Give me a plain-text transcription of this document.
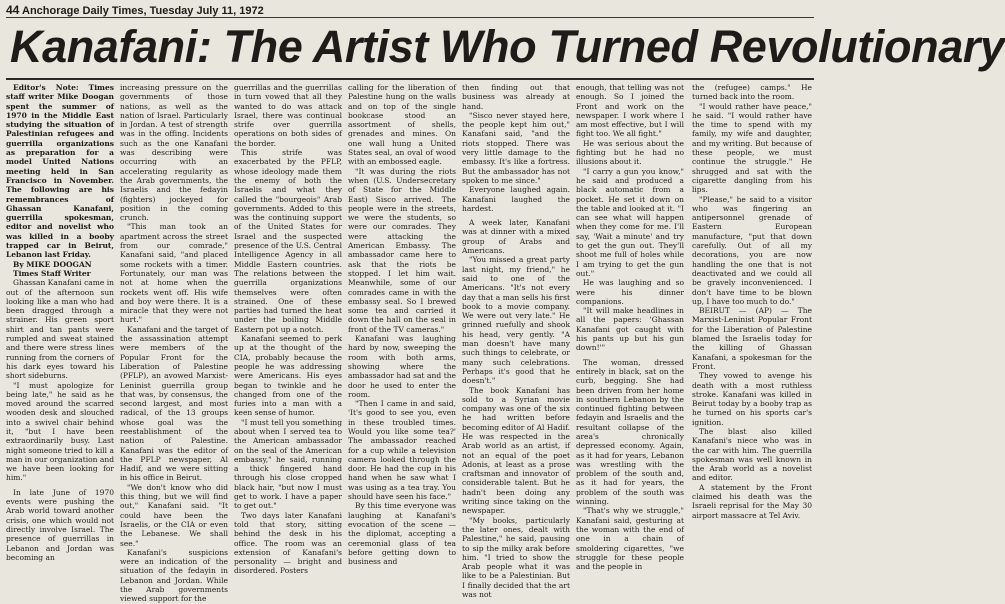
44 Anchorage Daily Times, Tuesday July 11, 1972
Kanafani: The Artist Who Turned Revolutionary

Editor's Note: Times staff writer Mike Doogan spent the summer of 1970 in the Middle East studying the situation of Palestinian refugees and guerrilla organizations as preparation for a model United Nations meeting held in San Francisco in November. The following are his remembrances of Ghassan Kanafani, guerrilla spokesman, editor and novelist who was killed in a booby trapped car in Beirut, Lebanon last Friday.

By MIKE DOOGAN

Times Staff Writer

Ghassan Kanafani came in out of the afternoon sun looking like a man who had been dragged through a strainer. His green sport shirt and tan pants were rumpled and sweat stained and there were stress lines running from the corners of his dark eyes toward his short sideburns.

"I must apologize for being late," he said as he moved around the scarred wooden desk and slouched into a swivel chair behind it, "but I have been extraordinarily busy. Last night someone tried to kill a man in our organization and we have been looking for him."

In late June of 1970 events were pushing the Arab world toward another crisis, one which would not directly involve Israel. The presence of guerrillas in Lebanon and Jordan was becoming an

increasing pressure on the governments of those nations, as well as the nation of Israel. Particularly in Jordan. A test of strength was in the offing. Incidents such as the one Kanafani was describing were occurring with an accelerating regularity as the Arab governments, the Israelis and the fedayin (fighters) jockeyed for position in the coming crunch.

"This man took an apartment across the street from our comrade," Kanafani said, "and placed some rockets with a timer. Fortunately, our man was not at home when the rockets went off. His wife and boy were there. It is a miracle that they were not hurt."

Kanafani and the target of the assassination attempt were members of the Popular Front for the Liberation of Palestine (PFLP), an avowed Marxist-Leninist guerrilla group that was, by consensus, the second largest, and most radical, of the 13 groups whose goal was the reestablishment of the nation of Palestine. Kanafani was the editor of the PFLP newspaper, Al Hadif, and we were sitting in his office in Beirut.

"We don't know who did this thing, but we will find out," Kanafani said. "It could have been the Israelis, or the CIA or even the Lebanese. We shall see."

Kanafani's suspicions were an indication of the situation of the fedayin in Lebanon and Jordan. While the Arab governments viewed support for the

guerrillas and the guerrillas in turn vowed that all they wanted to do was attack Israel, there was continual strife over guerrilla operations on both sides of the border.

This strife was exacerbated by the PFLP, whose ideology made them the enemy of both the Israelis and what they called the "bourgeois" Arab governments. Added to this was the continuing support of the United States for Israel and the suspected presence of the U.S. Central Intelligence Agency in all Middle Eastern countries. The relations between the guerrilla organizations themselves were often strained. One of these parties had turned the heat under the boiling Middle Eastern pot up a notch.

Kanafani seemed to perk up at the thought of the CIA, probably because the people he was addressing were Americans. His eyes began to twinkle and he changed from one of the furies into a man with a keen sense of humor.

"I must tell you something about when I served tea to the American ambassador on the seal of the American embassy," he said, running a thick fingered hand through his close cropped black hair, "but now I must get to work. I have a paper to get out."

Two days later Kanafani told that story, sitting behind the desk in his office. The room was an extension of Kanafani's personality — bright and disordered. Posters

calling for the liberation of Palestine hung on the walls and on top of the single bookcase stood an assortment of shells, grenades and mines. On one wall hung a United States seal, an oval of wood with an embossed eagle.

"It was during the riots when (U.S. Undersecretary of State for the Middle East) Sisco arrived. The people were in the streets, we were the students, so were our comrades. They were attacking the American Embassy. The ambassador came here to ask that the riots be stopped. I let him wait. Meanwhile, some of our comrades came in with the embassy seal. So I brewed some tea and carried it down the hall on the seal in front of the TV cameras."

Kanafani was laughing hard by now, sweeping the room with both arms, showing where the ambassador had sat and the door he used to enter the room.

"Then I came in and said, 'It's good to see you, even in these troubled times. Would you like some tea?' The ambassador reached for a cup while a television camera looked through the door. He had the cup in his hand when he saw what I was using as a tea tray. You should have seen his face."

By this time everyone was laughing at Kanafani's evocation of the scene — the diplomat, accepting a ceremonial glass of tea before getting down to business and

then finding out that business was already at hand.

"Sisco never stayed here, the people kept him out," Kanafani said, "and the riots stopped. There was very little damage to the embassy. It's like a fortress. But the ambassador has not spoken to me since."

Everyone laughed again. Kanafani laughed the hardest.

A week later, Kanafani was at dinner with a mixed group of Arabs and Americans.

"You missed a great party last night, my friend," he said to one of the Americans. "It's not every day that a man sells his first book to a movie company. We were out very late." He grinned ruefully and shook his head, very gently. "A man doesn't have many such things to celebrate, or many such celebrations. Perhaps it's good that he doesn't."

The book Kanafani has sold to a Syrian movie company was one of the six he had written before becoming editor of Al Hadif. He was respected in the Arab world as an artist, if not an equal of the poet Adonis, at least as a prose craftsman and innovator of considerable talent. But he hadn't been doing any writing since taking on the newspaper.

"My books, particularly the later ones, dealt with Palestine," he said, pausing to sip the milky arak before him. "I tried to show the Arab people what it was like to be a Palestinian. But I finally decided that the art was not

enough, that telling was not enough. So I joined the Front and work on the newspaper. I work where I am most effective, but I will fight too. We all fight."

He was serious about the fighting but he had no illusions about it.

"I carry a gun you know," he said and produced a black automatic from a pocket. He set it down on the table and looked at it. "I can see what will happen when they come for me. I'll say, 'Wait a minute' and try to get the gun out. They'll shoot me full of holes while I am trying to get the gun out."

He was laughing and so were his dinner companions.

"It will make headlines in all the papers: 'Ghassan Kanafani got caught with his pants up but his gun down!'"

The woman, dressed entirely in black, sat on the curb, begging. She had been driven from her home in southern Lebanon by the continued fighting between fedayin and Israelis and the resultant collapse of the area's chronically depressed economy. Again, as it had for years, Lebanon was wrestling with the problem of the south and, as it had for years, the problem of the south was winning.

"That's why we struggle," Kanafani said, gesturing at the woman with the end of one in a chain of smoldering cigarettes, "we struggle for these people and the people in

the (refugee) camps." He turned back into the room.

"I would rather have peace," he said. "I would rather have the time to spend with my family, my wife and daughter, and my writing. But because of these people, we must continue the struggle." He shrugged and sat with the cigarette dangling from his lips.

"Please," he said to a visitor who was fingering an antipersonnel grenade of Eastern European manufacture, "put that down carefully. Out of all my decorations, you are now handling the one that is not deactivated and we could all be gravely inconvenienced. I don't have time to be blown up, I have too much to do."

BEIRUT — (AP) — The Marxist-Leninist Popular Front for the Liberation of Palestine blamed the Israelis today for the killing of Ghassan Kanafani, a spokesman for the Front.

They vowed to avenge his death with a most ruthless stroke. Kanafani was killed in Beirut today by a booby trap as he turned on his sports car's ignition.

The blast also killed Kanafani's niece who was in the car with him. The guerrilla spokesman was well known in the Arab world as a novelist and editor.

A statement by the Front claimed his death was the Israeli reprisal for the May 30 airport massacre at Tel Aviv.
